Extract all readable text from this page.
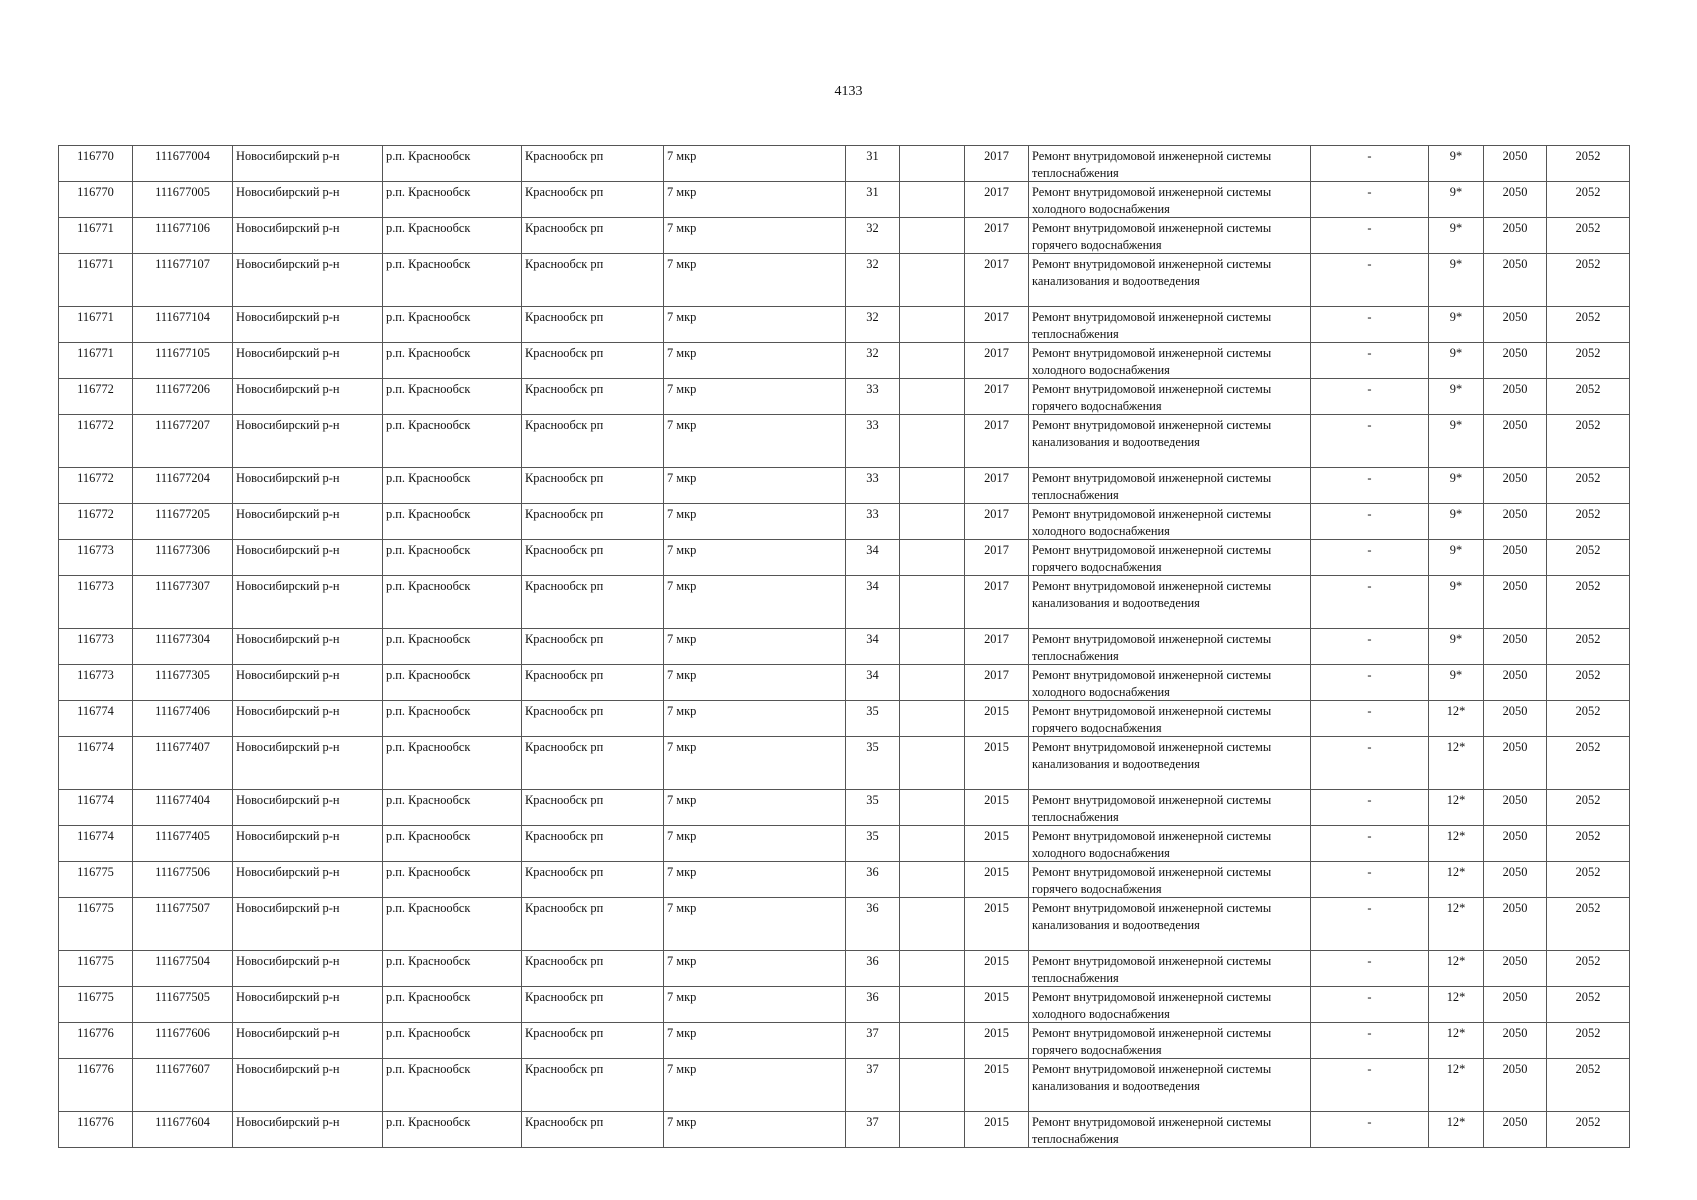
4133
116770	111677004	Новосибирский р-н	р.п. Краснообск	Краснообск рп	7 мкр	31		2017	Ремонт внутридомовой инженерной системы теплоснабжения	-	9*	2050	2052
116770	111677005	Новосибирский р-н	р.п. Краснообск	Краснообск рп	7 мкр	31		2017	Ремонт внутридомовой инженерной системы холодного водоснабжения	-	9*	2050	2052
116771	111677106	Новосибирский р-н	р.п. Краснообск	Краснообск рп	7 мкр	32		2017	Ремонт внутридомовой инженерной системы горячего водоснабжения	-	9*	2050	2052
116771	111677107	Новосибирский р-н	р.п. Краснообск	Краснообск рп	7 мкр	32		2017	Ремонт внутридомовой инженерной системы канализования и водоотведения	-	9*	2050	2052
116771	111677104	Новосибирский р-н	р.п. Краснообск	Краснообск рп	7 мкр	32		2017	Ремонт внутридомовой инженерной системы теплоснабжения	-	9*	2050	2052
116771	111677105	Новосибирский р-н	р.п. Краснообск	Краснообск рп	7 мкр	32		2017	Ремонт внутридомовой инженерной системы холодного водоснабжения	-	9*	2050	2052
116772	111677206	Новосибирский р-н	р.п. Краснообск	Краснообск рп	7 мкр	33		2017	Ремонт внутридомовой инженерной системы горячего водоснабжения	-	9*	2050	2052
116772	111677207	Новосибирский р-н	р.п. Краснообск	Краснообск рп	7 мкр	33		2017	Ремонт внутридомовой инженерной системы канализования и водоотведения	-	9*	2050	2052
116772	111677204	Новосибирский р-н	р.п. Краснообск	Краснообск рп	7 мкр	33		2017	Ремонт внутридомовой инженерной системы теплоснабжения	-	9*	2050	2052
116772	111677205	Новосибирский р-н	р.п. Краснообск	Краснообск рп	7 мкр	33		2017	Ремонт внутридомовой инженерной системы холодного водоснабжения	-	9*	2050	2052
116773	111677306	Новосибирский р-н	р.п. Краснообск	Краснообск рп	7 мкр	34		2017	Ремонт внутридомовой инженерной системы горячего водоснабжения	-	9*	2050	2052
116773	111677307	Новосибирский р-н	р.п. Краснообск	Краснообск рп	7 мкр	34		2017	Ремонт внутридомовой инженерной системы канализования и водоотведения	-	9*	2050	2052
116773	111677304	Новосибирский р-н	р.п. Краснообск	Краснообск рп	7 мкр	34		2017	Ремонт внутридомовой инженерной системы теплоснабжения	-	9*	2050	2052
116773	111677305	Новосибирский р-н	р.п. Краснообск	Краснообск рп	7 мкр	34		2017	Ремонт внутридомовой инженерной системы холодного водоснабжения	-	9*	2050	2052
116774	111677406	Новосибирский р-н	р.п. Краснообск	Краснообск рп	7 мкр	35		2015	Ремонт внутридомовой инженерной системы горячего водоснабжения	-	12*	2050	2052
116774	111677407	Новосибирский р-н	р.п. Краснообск	Краснообск рп	7 мкр	35		2015	Ремонт внутридомовой инженерной системы канализования и водоотведения	-	12*	2050	2052
116774	111677404	Новосибирский р-н	р.п. Краснообск	Краснообск рп	7 мкр	35		2015	Ремонт внутридомовой инженерной системы теплоснабжения	-	12*	2050	2052
116774	111677405	Новосибирский р-н	р.п. Краснообск	Краснообск рп	7 мкр	35		2015	Ремонт внутридомовой инженерной системы холодного водоснабжения	-	12*	2050	2052
116775	111677506	Новосибирский р-н	р.п. Краснообск	Краснообск рп	7 мкр	36		2015	Ремонт внутридомовой инженерной системы горячего водоснабжения	-	12*	2050	2052
116775	111677507	Новосибирский р-н	р.п. Краснообск	Краснообск рп	7 мкр	36		2015	Ремонт внутридомовой инженерной системы канализования и водоотведения	-	12*	2050	2052
116775	111677504	Новосибирский р-н	р.п. Краснообск	Краснообск рп	7 мкр	36		2015	Ремонт внутридомовой инженерной системы теплоснабжения	-	12*	2050	2052
116775	111677505	Новосибирский р-н	р.п. Краснообск	Краснообск рп	7 мкр	36		2015	Ремонт внутридомовой инженерной системы холодного водоснабжения	-	12*	2050	2052
116776	111677606	Новосибирский р-н	р.п. Краснообск	Краснообск рп	7 мкр	37		2015	Ремонт внутридомовой инженерной системы горячего водоснабжения	-	12*	2050	2052
116776	111677607	Новосибирский р-н	р.п. Краснообск	Краснообск рп	7 мкр	37		2015	Ремонт внутридомовой инженерной системы канализования и водоотведения	-	12*	2050	2052
116776	111677604	Новосибирский р-н	р.п. Краснообск	Краснообск рп	7 мкр	37		2015	Ремонт внутридомовой инженерной системы теплоснабжения	-	12*	2050	2052
